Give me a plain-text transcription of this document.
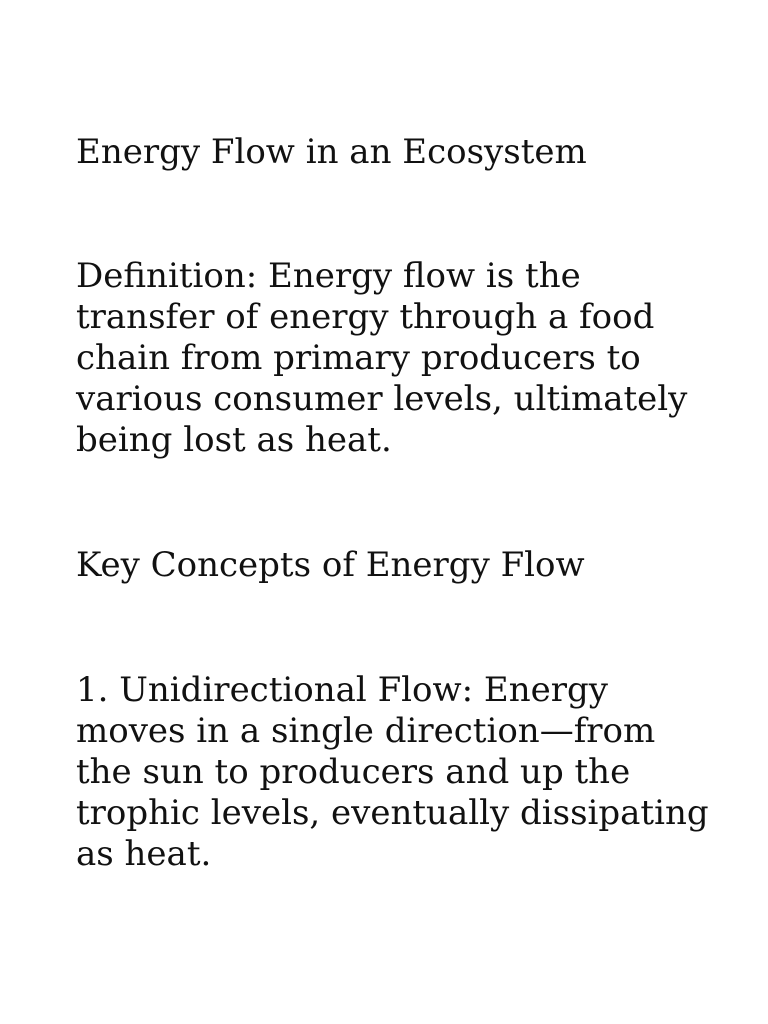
Energy Flow in an Ecosystem

Definition: Energy flow is the transfer of energy through a food chain from primary producers to various consumer levels, ultimately being lost as heat.

Key Concepts of Energy Flow

1. Unidirectional Flow: Energy moves in a single direction—from the sun to producers and up the trophic levels, eventually dissipating as heat.
